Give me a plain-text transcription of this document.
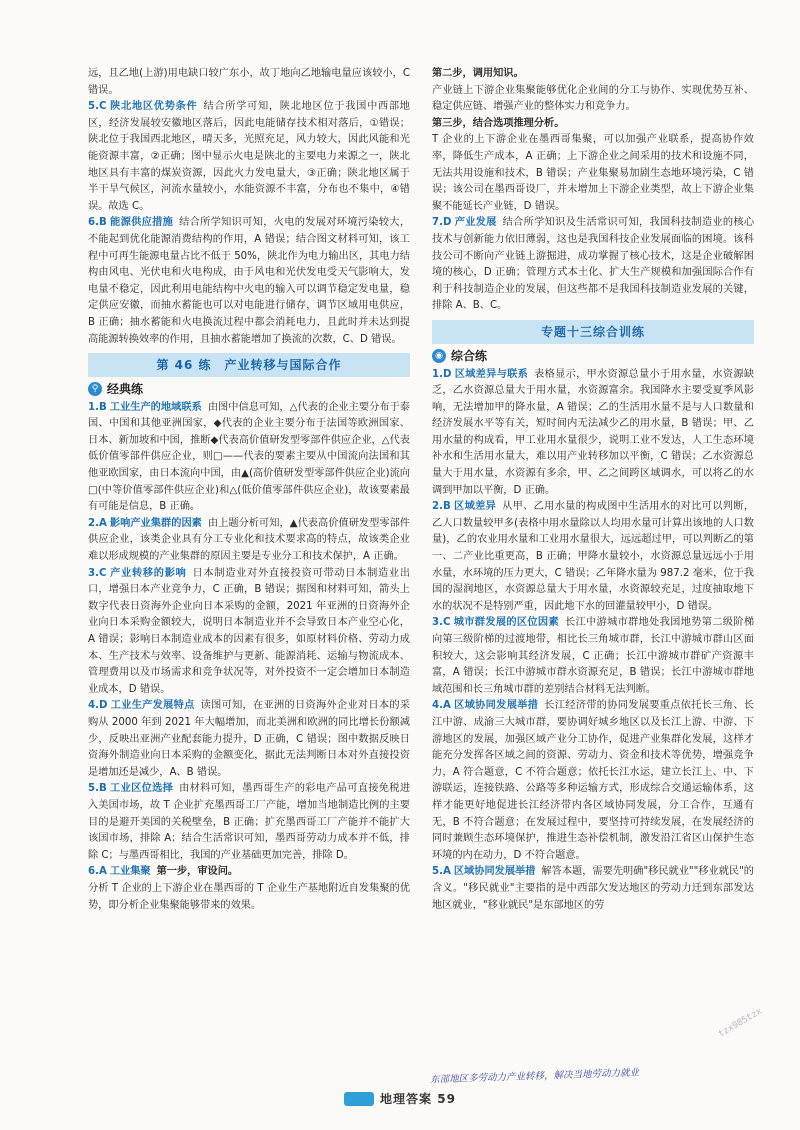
远，且乙地(上游)用电缺口较广东小，故丁地向乙地输电量应该较小，C 错误。

5.C 陕北地区优势条件 结合所学可知，陕北地区位于我国中西部地区，经济发展较安徽地区落后，因此电能储存技术相对落后，①错误；陕北位于我国西北地区，晴天多，光照充足，风力较大，因此风能和光能资源丰富，②正确；图中显示火电是陕北的主要电力来源之一，陕北地区具有丰富的煤炭资源，因此火力发电量大，③正确；陕北地区属于半干旱气候区，河流水量较小，水能资源不丰富，分布也不集中，④错误。故选 C。

6.B 能源供应措施 结合所学知识可知，火电的发展对环境污染较大，不能起到优化能源消费结构的作用，A 错误；结合图文材料可知，该工程中可再生能源电量占比不低于 50%，陕北作为电力输出区，其电力结构由风电、光伏电和火电构成，由于风电和光伏发电受天气影响大，发电量不稳定，因此利用电能结构中火电的输入可以调节稳定发电量，稳定供应安徽，而抽水蓄能也可以对电能进行储存，调节区域用电供应，B 正确；抽水蓄能和火电换流过程中都会消耗电力，且此时并未达到提高能源转换效率的作用，且抽水蓄能增加了换流的次数，C、D 错误。

第 46 练　产业转移与国际合作
⚲ 经典练

1.B 工业生产的地域联系 由图中信息可知，△代表的企业主要分布于泰国、中国和其他亚洲国家，◆代表的企业主要分布于法国等欧洲国家、日本、新加坡和中国，推断◆代表高价值研发型零部件供应企业，△代表低价值零部件供应企业，则□——代表的要素主要从中国流向法国和其他亚欧国家，由日本流向中国，由▲(高价值研发型零部件供应企业)流向□(中等价值零部件供应企业)和△(低价值零部件供应企业)，故该要素最有可能是信息，B 正确。

2.A 影响产业集群的因素 由上题分析可知，▲代表高价值研发型零部件供应企业，该类企业具有分工专业化和技术要求高的特点，故该类企业难以形成规模的产业集群的原因主要是专业分工和技术保护，A 正确。

3.C 产业转移的影响 日本制造业对外直接投资可带动日本制造业出口，增强日本产业竞争力，C 正确，B 错误；据图和材料可知，箭头上数字代表日资海外企业向日本采购的金额，2021 年亚洲的日资海外企业向日本采购金额较大，说明日本制造业并不会导致日本产业空心化，A 错误；影响日本制造业成本的因素有很多，如原材料价格、劳动力成本、生产技术与效率、设备维护与更新、能源消耗、运输与物流成本、管理费用以及市场需求和竞争状况等，对外投资不一定会增加日本制造业成本，D 错误。

4.D 工业生产发展特点 读图可知，在亚洲的日资海外企业对日本的采购从 2000 年到 2021 年大幅增加，而北美洲和欧洲的同比增长份额减少，反映出亚洲产业配套能力提升，D 正确，C 错误；图中数据反映日资海外制造业向日本采购的金额变化，据此无法判断日本对外直接投资是增加还是减少，A、B 错误。

5.B 工业区位选择 由材料可知，墨西哥生产的彩电产品可直接免税进入美国市场，故 T 企业扩充墨西哥工厂产能，增加当地制造比例的主要目的是避开美国的关税壁垒，B 正确；扩充墨西哥工厂产能并不能扩大该国市场，排除 A；结合生活常识可知，墨西哥劳动力成本并不低，排除 C；与墨西哥相比，我国的产业基础更加完善，排除 D。

6.A 工业集聚 第一步，审设问。

分析 T 企业的上下游企业在墨西哥的 T 企业生产基地附近自发集聚的优势，即分析企业集聚能够带来的效果。

第二步，调用知识。

产业链上下游企业集聚能够优化企业间的分工与协作、实现优势互补、稳定供应链、增强产业的整体实力和竞争力。

第三步，结合选项推理分析。

T 企业的上下游企业在墨西哥集聚，可以加强产业联系，提高协作效率，降低生产成本，A 正确；上下游企业之间采用的技术和设施不同，无法共用设施和技术，B 错误；产业集聚易加剧生态地环境污染，C 错误；该公司在墨西哥设厂，并未增加上下游企业类型，故上下游企业集聚不能延长产业链，D 错误。

7.D 产业发展 结合所学知识及生活常识可知，我国科技制造业的核心技术与创新能力依旧薄弱，这也是我国科技企业发展面临的困境。该科技公司不断向产业链上游掘进，成功掌握了核心技术，这是企业破解困境的核心，D 正确；管理方式本土化、扩大生产规模和加强国际合作有利于科技制造企业的发展，但这些都不是我国科技制造业发展的关键，排除 A、B、C。

专题十三综合训练
◉ 综合练

1.D 区域差异与联系 表格显示，甲水资源总量小于用水量，水资源缺乏，乙水资源总量大于用水量，水资源富余。我国降水主要受夏季风影响，无法增加甲的降水量，A 错误；乙的生活用水量不是与人口数量和经济发展水平等有关，短时间内无法减少乙的用水量，B 错误；甲、乙用水量的构成看，甲工业用水量很少，说明工业不发达，人工生态环境补水和生活用水量大，难以用产业转移加以平衡，C 错误；乙水资源总量大于用水量，水资源有多余，甲、乙之间跨区域调水，可以将乙的水调到甲加以平衡，D 正确。

2.B 区域差异 从甲、乙用水量的构成图中生活用水的对比可以判断，乙人口数量较甲多(表格中用水量除以人均用水量可计算出该地的人口数量)，乙的农业用水量和工业用水量很大，远远超过甲，可以判断乙的第一、二产业比重更高，B 正确；甲降水量较小，水资源总量远远小于用水量，水环境的压力更大，C 错误；乙年降水量为 987.2 毫米，位于我国的湿润地区，水资源总量大于用水量，水资源较充足，过度抽取地下水的状况不是特别严重，因此地下水的回灌量较甲小，D 错误。

3.C 城市群发展的区位因素 长江中游城市群地处我国地势第二级阶梯向第三级阶梯的过渡地带，相比长三角城市群，长江中游城市群山区面积较大，这会影响其经济发展，C 正确；长江中游城市群矿产资源丰富，A 错误；长江中游城市群水资源充足，B 错误；长江中游城市群地域范围和长三角城市群的差别结合材料无法判断。

4.A 区域协同发展举措 长江经济带的协同发展要重点依托长三角、长江中游、成渝三大城市群，要协调好城乡地区以及长江上游、中游、下游地区的发展，加强区域产业分工协作，促进产业集群化发展，这样才能充分发挥各区域之间的资源、劳动力、资金和技术等优势，增强竞争力，A 符合题意，C 不符合题意；依托长江水运，建立长江上、中、下游联运，连接铁路、公路等多种运输方式，形成综合交通运输体系，这样才能更好地促进长江经济带内各区域协同发展，分工合作，互通有无，B 不符合题意；在发展过程中，要坚持可持续发展，在发展经济的同时兼顾生态环境保护，推进生态补偿机制，激发沿江省区山保护生态环境的内在动力，D 不符合题意。

5.A 区域协同发展举措 解答本题，需要先明确"移民就业""移业就民"的含义。"移民就业"主要指的是中西部欠发达地区的劳动力迁到东部发达地区就业，"移业就民"是东部地区的劳

东部地区多劳动力产业转移，解决当地劳动力就业
tzx985tzx
地理答案 59
